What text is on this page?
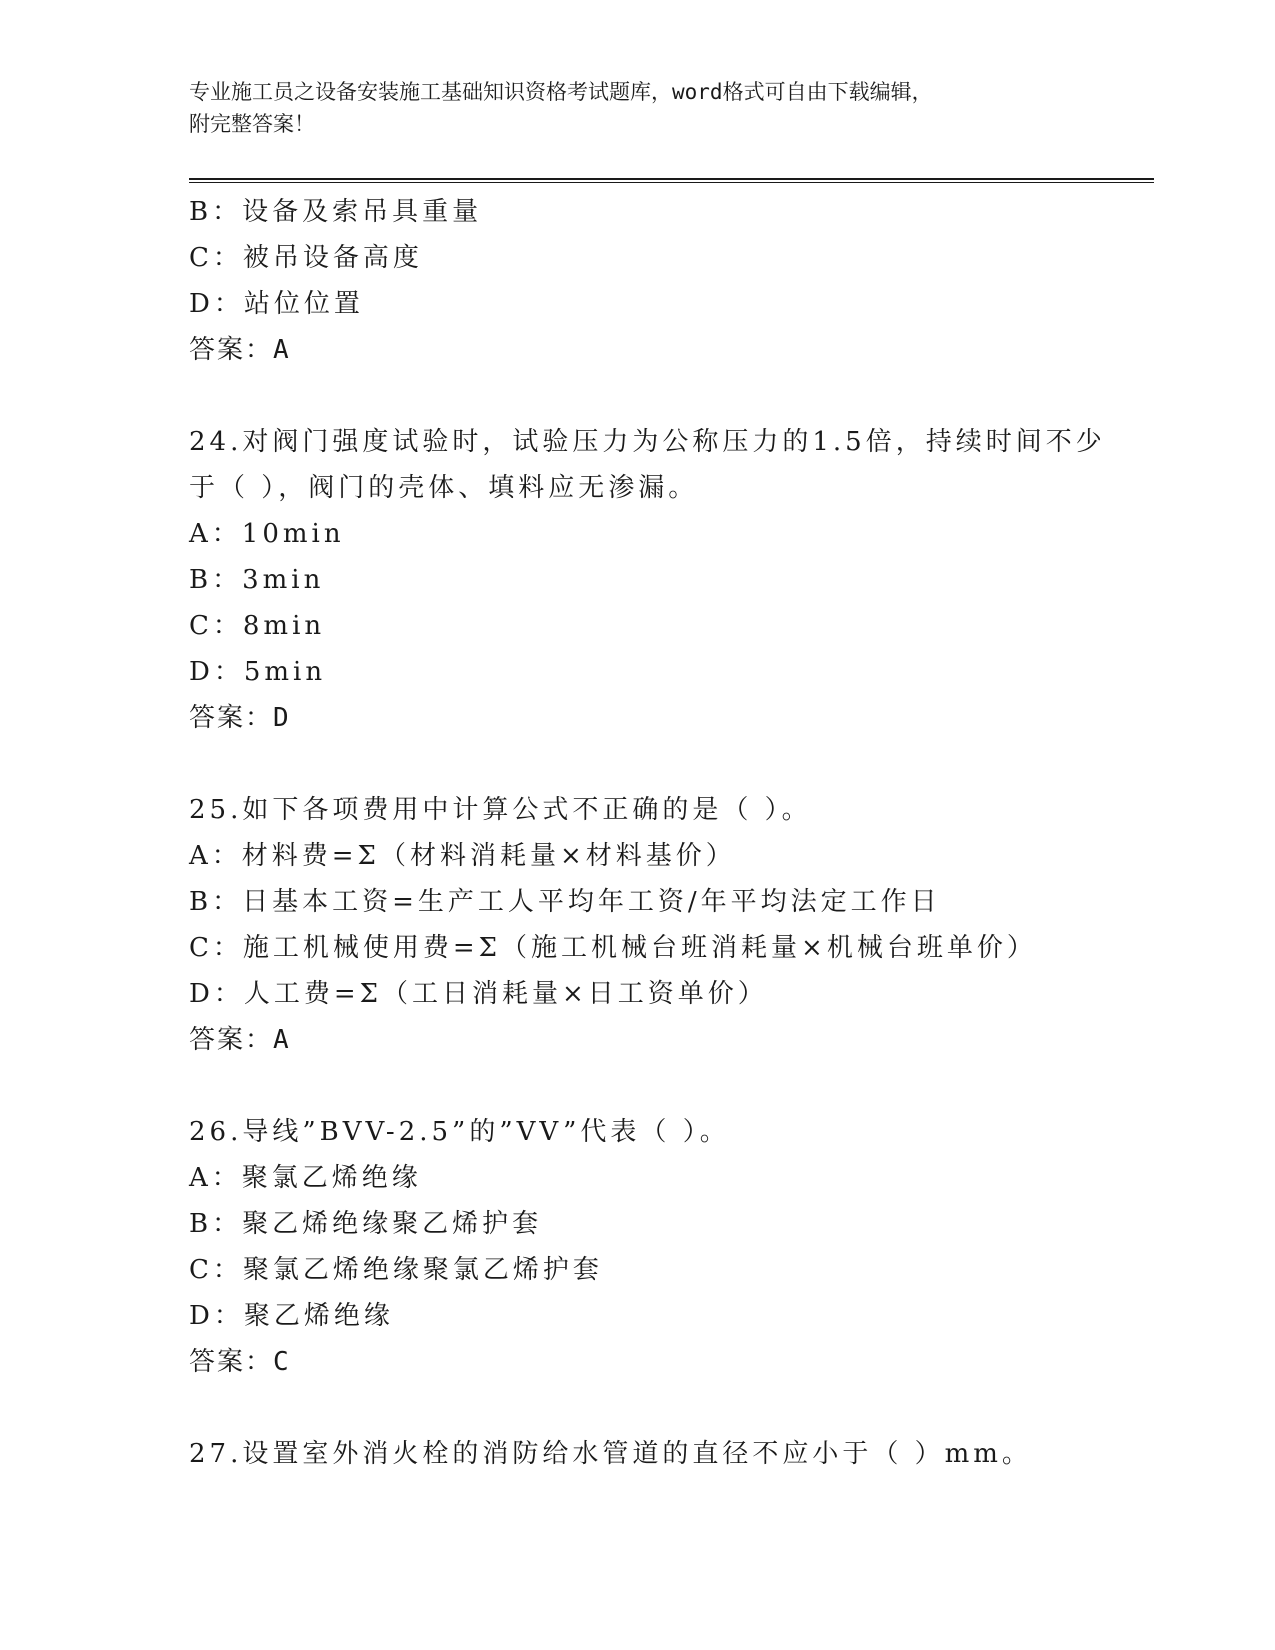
专业施工员之设备安装施工基础知识资格考试题库，word格式可自由下载编辑，
附完整答案！
B：设备及索吊具重量
C：被吊设备高度
D：站位位置
答案：A
24.对阀门强度试验时，试验压力为公称压力的1.5倍，持续时间不少
于（ ），阀门的壳体、填料应无渗漏。
A：10min
B：3min
C：8min
D：5min
答案：D
25.如下各项费用中计算公式不正确的是（ ）。
A：材料费=Σ（材料消耗量×材料基价）
B：日基本工资=生产工人平均年工资/年平均法定工作日
C：施工机械使用费=Σ（施工机械台班消耗量×机械台班单价）
D：人工费=Σ（工日消耗量×日工资单价）
答案：A
26.导线”BVV-2.5”的”VV”代表（ ）。
A：聚氯乙烯绝缘
B：聚乙烯绝缘聚乙烯护套
C：聚氯乙烯绝缘聚氯乙烯护套
D：聚乙烯绝缘
答案：C
27.设置室外消火栓的消防给水管道的直径不应小于（ ）mm。
